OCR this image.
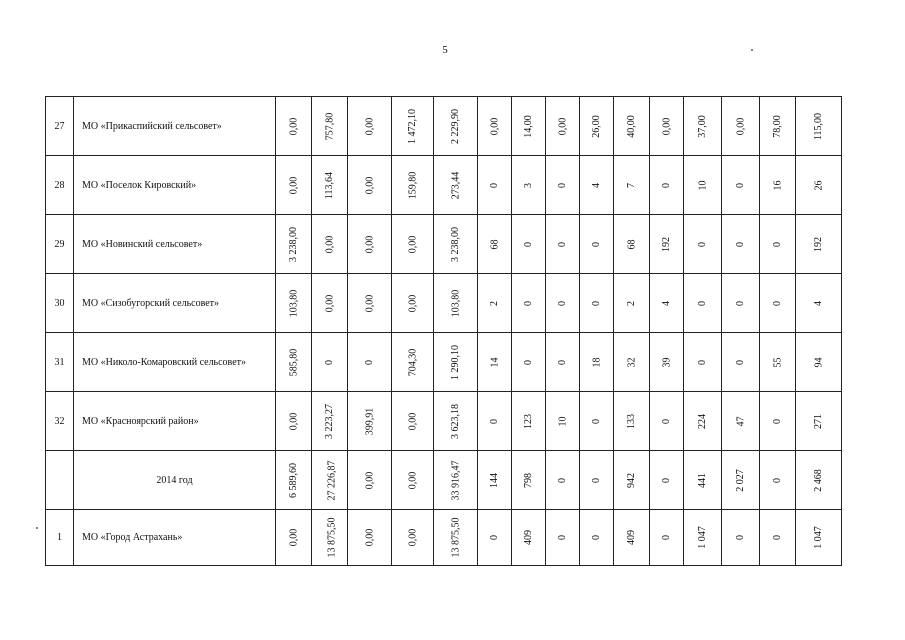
5
27	МО «Прикаспийский сельсовет»	0,00	757,80	0,00	1 472,10	2 229,90	0,00	14,00	0,00	26,00	40,00	0,00	37,00	0,00	78,00	115,00
28	МО «Поселок Кировский»	0,00	113,64	0,00	159,80	273,44	0	3	0	4	7	0	10	0	16	26
29	МО «Новинский сельсовет»	3 238,00	0,00	0,00	0,00	3 238,00	68	0	0	0	68	192	0	0	0	192
30	МО «Сизобугорский сельсовет»	103,80	0,00	0,00	0,00	103,80	2	0	0	0	2	4	0	0	0	4
31	МО «Николо-Комаровский сельсовет»	585,80	0	0	704,30	1 290,10	14	0	0	18	32	39	0	0	55	94
32	МО «Красноярский район»	0,00	3 223,27	399,91	0,00	3 623,18	0	123	10	0	133	0	224	47	0	271
	2014 год	6 589,60	27 226,87	0,00	0,00	33 916,47	144	798	0	0	942	0	441	2 027	0	2 468
1	МО «Город Астрахань»	0,00	13 875,50	0,00	0,00	13 875,50	0	409	0	0	409	0	1 047	0	0	1 047
